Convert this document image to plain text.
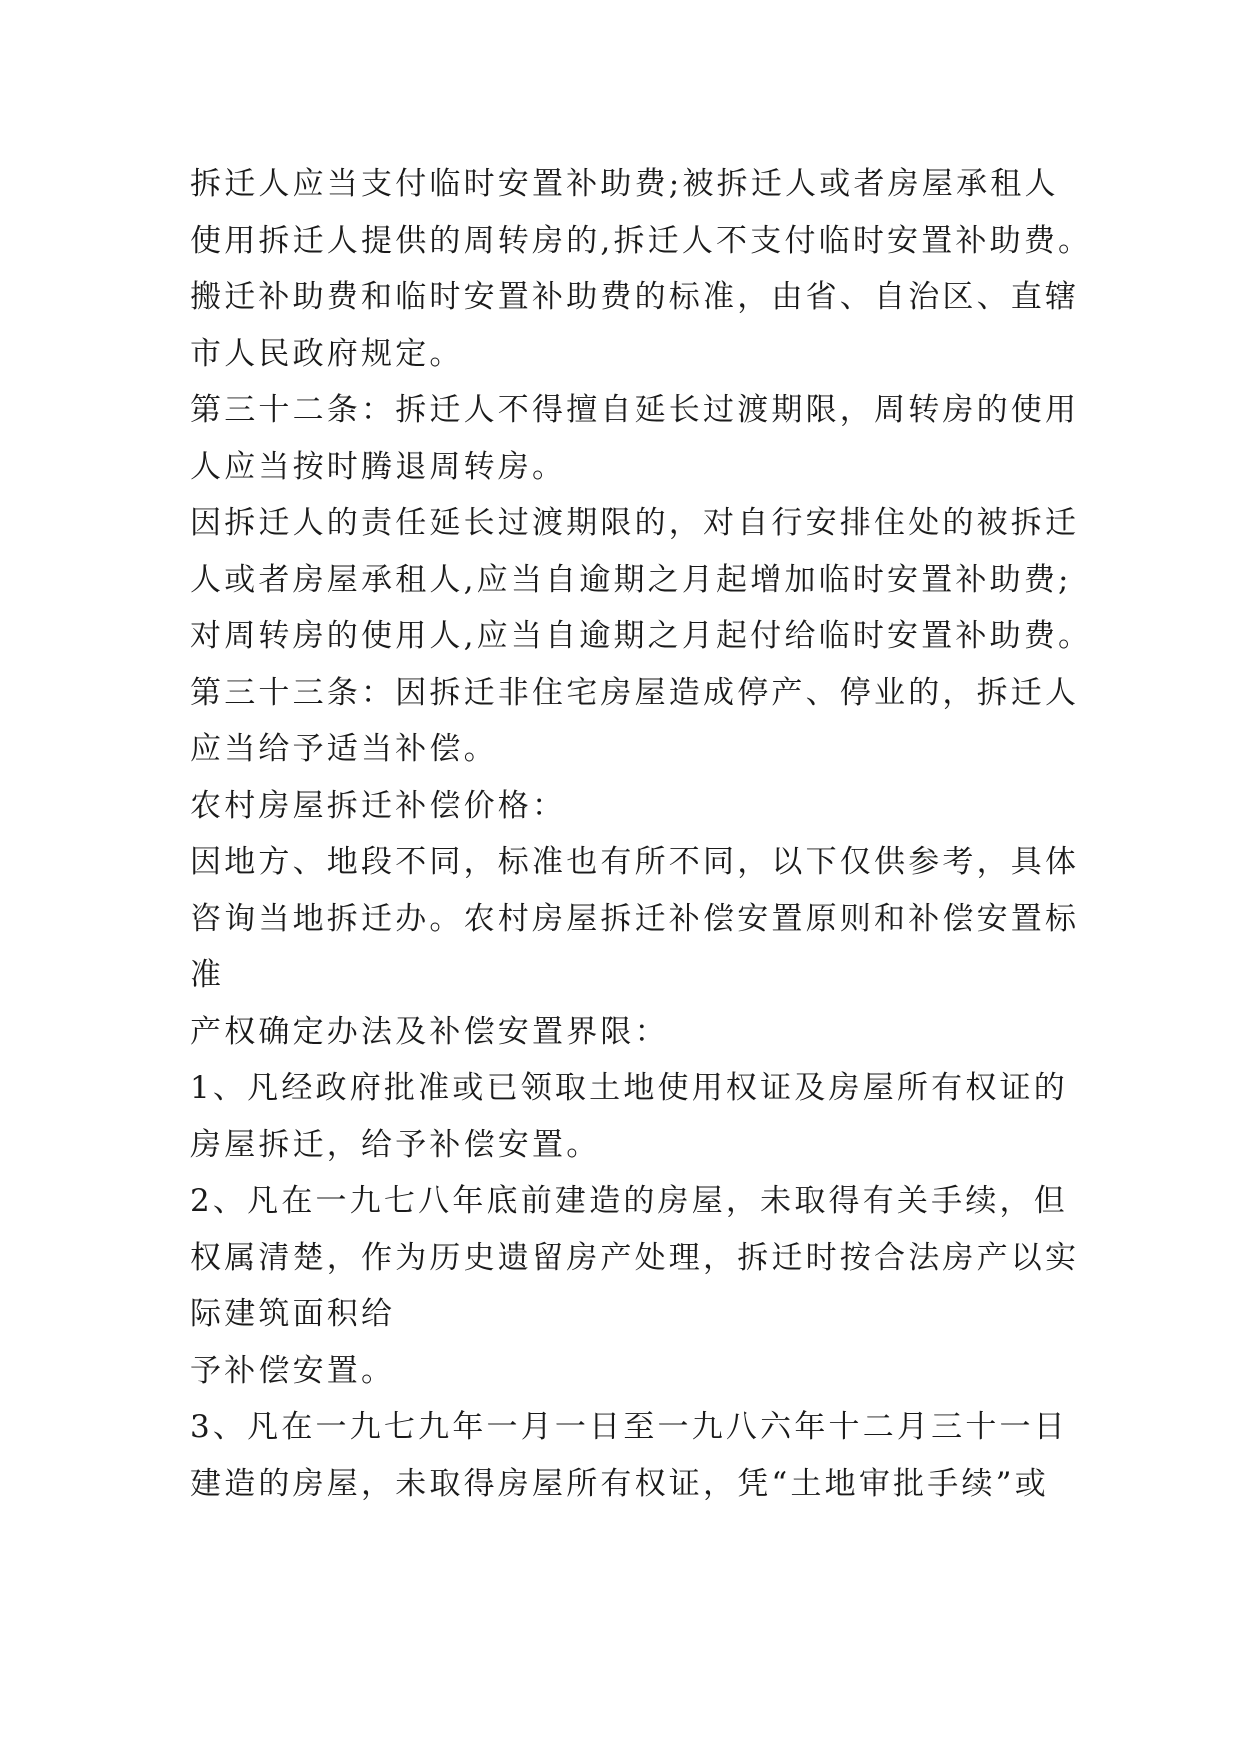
拆迁人应当支付临时安置补助费;被拆迁人或者房屋承租人
使用拆迁人提供的周转房的,拆迁人不支付临时安置补助费。
搬迁补助费和临时安置补助费的标准，由省、自治区、直辖
市人民政府规定。
第三十二条：拆迁人不得擅自延长过渡期限，周转房的使用
人应当按时腾退周转房。
因拆迁人的责任延长过渡期限的，对自行安排住处的被拆迁
人或者房屋承租人,应当自逾期之月起增加临时安置补助费;
对周转房的使用人,应当自逾期之月起付给临时安置补助费。
第三十三条：因拆迁非住宅房屋造成停产、停业的，拆迁人
应当给予适当补偿。
农村房屋拆迁补偿价格：
因地方、地段不同，标准也有所不同，以下仅供参考，具体
咨询当地拆迁办。农村房屋拆迁补偿安置原则和补偿安置标
准
产权确定办法及补偿安置界限：
1、凡经政府批准或已领取土地使用权证及房屋所有权证的
房屋拆迁，给予补偿安置。
2、凡在一九七八年底前建造的房屋，未取得有关手续，但
权属清楚，作为历史遗留房产处理，拆迁时按合法房产以实
际建筑面积给
予补偿安置。
3、凡在一九七九年一月一日至一九八六年十二月三十一日
建造的房屋，未取得房屋所有权证，凭“土地审批手续”或
